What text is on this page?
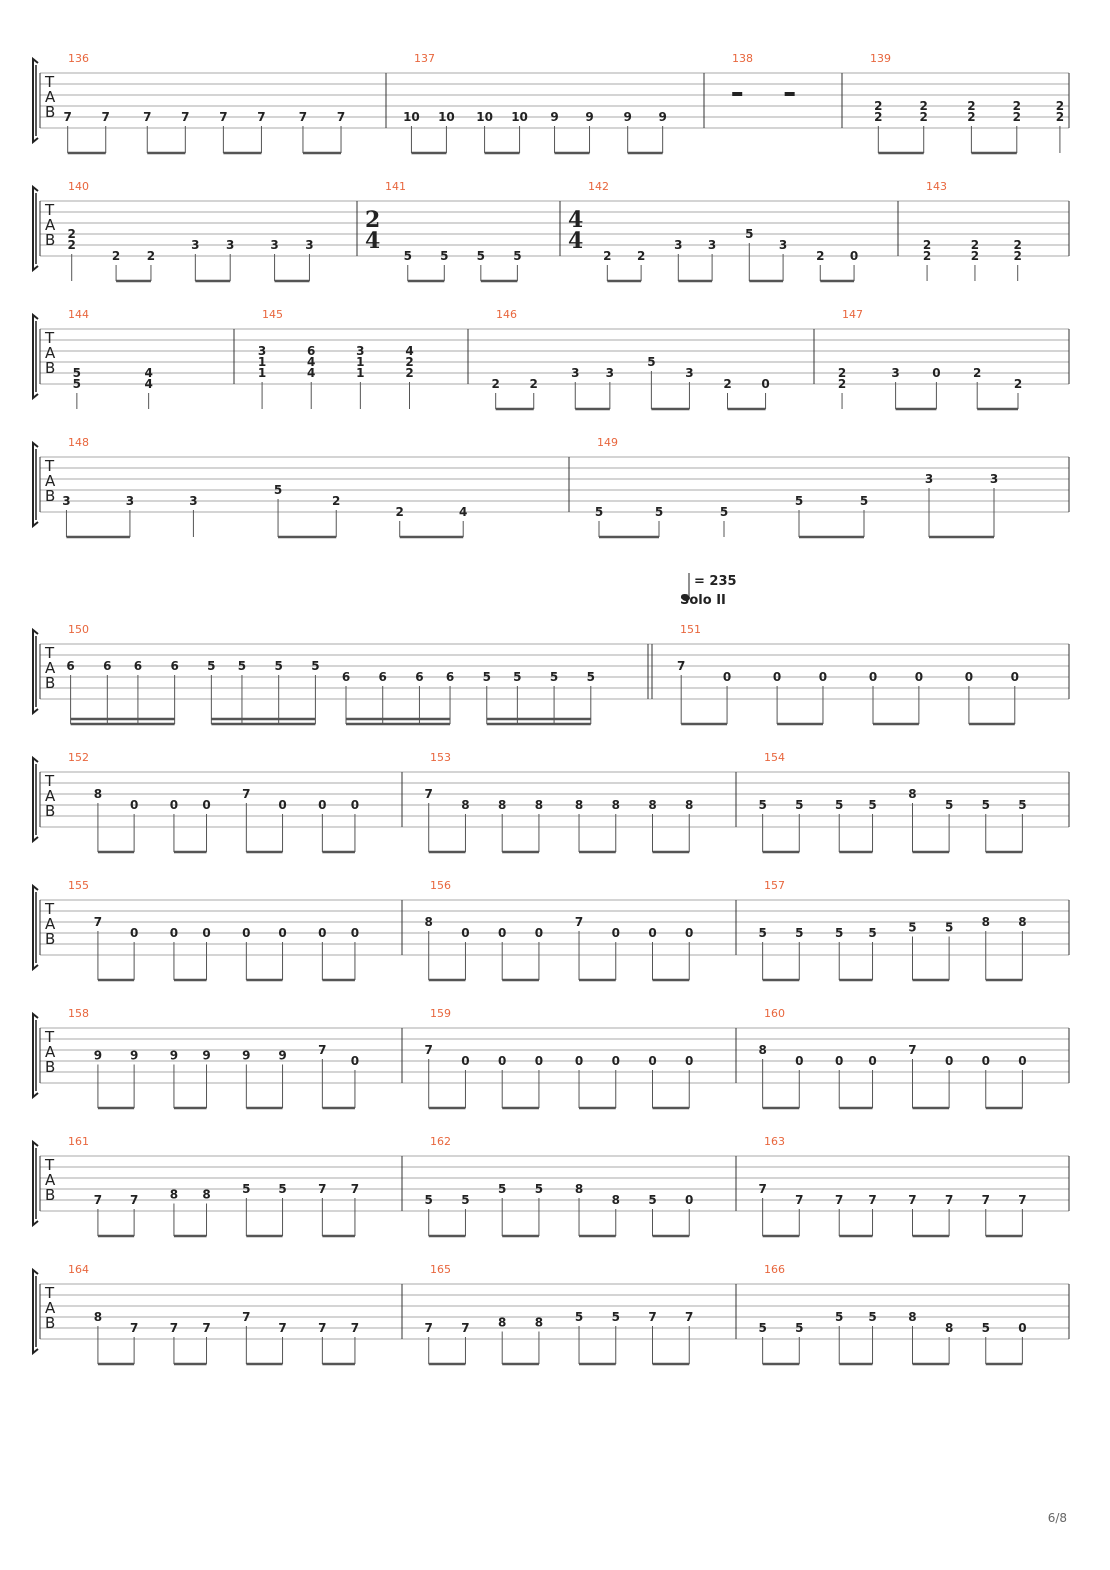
T
A
B
136
7 7	7 7 7 7	7 7
137
10 10 10 10 9 9 9 9
138	139
2
2
2
2
2
2
2
2
2
2
T
A
B
140
2
2
2 2
3 3	3 3
141
2
4
5 5 5 5
142
4
4
2 2
3 3
5
3
2 0
143
2
2
2
2
2
2
T
A
B
144
5
5
4
4
145
3
1
1
6
4
4
3
1
1
4
2
2
146
2 2
3 3
5
3
2 0
147
2
2
3	0	2
2
T
A
B
148
3	3	3
5
2
2	4
149
5	5	5
5	5
3	3
T
A
B
= 235
Solo II
150
6 6 6 6 5 5 5 5
6 6 6 6 5 5 5 5
151
7
0	0	0	0	0	0	0
T
A
B
152
8
0	0 0
7
0	0 0
153
7
8 8 8	8 8 8 8
154
5 5	5 5
8
5 5 5
T
A
B
155
7
0	0 0	0 0	0 0
156
8
0 0 0
7
0 0 0
157
5 5	5 5	5 5 8 8
T
A
B
158
9 9	9 9	9 9	7
0
159
7
0 0 0	0 0 0 0
160
8
0	0 0
7
0 0 0
T
A
B
161
7 7	8 8	5 5	7 7
162
5 5
5 5	8
8 5 0
163
7
7	7 7	7 7 7 7
T
A
B
164
8
7	7 7
7
7	7 7
165
7 7 8 8	5 5 7 7
166
5 5
5 5	8
8 5 0
6/8
